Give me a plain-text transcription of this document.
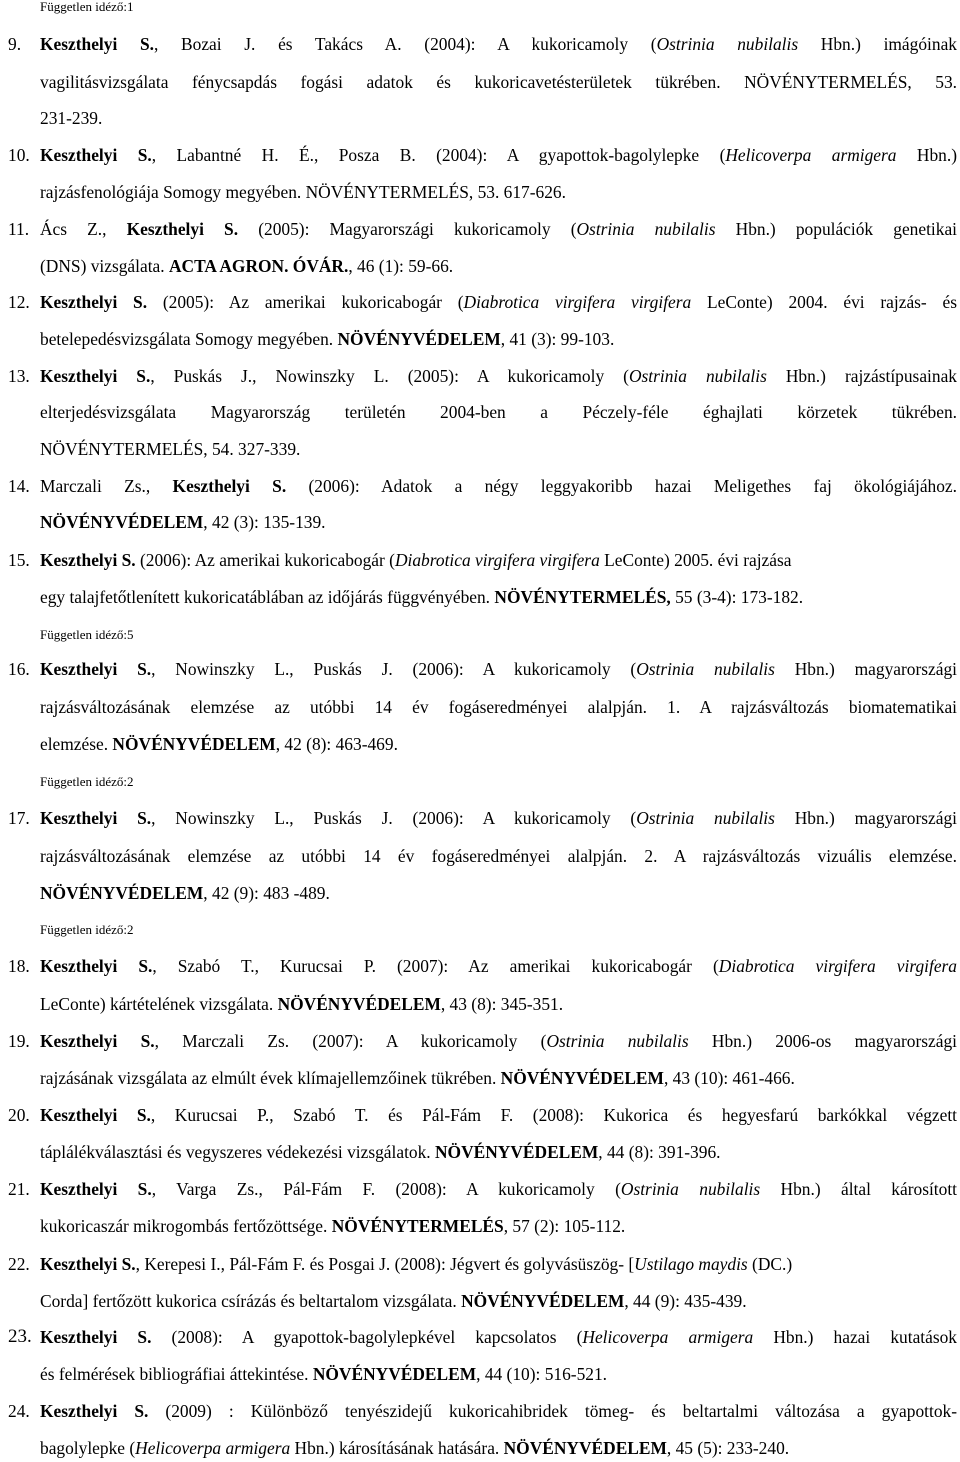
Független idéző:1
Független idéző:5
Független idéző:2
Független idéző:2
9. Keszthelyi S., Bozai J. és Takács A. (2004): A kukoricamoly (Ostrinia nubilalis Hbn.) imágóinak
vagilitásvizsgálata fénycsapdás fogási adatok és kukoricavetésterületek tükrében. NÖVÉNYTERMELÉS, 53.
231-239.
10. Keszthelyi S., Labantné H. É., Posza B. (2004): A gyapottok-bagolylepke (Helicoverpa armigera Hbn.)
rajzásfenológiája Somogy megyében. NÖVÉNYTERMELÉS, 53. 617-626.
11. Ács Z., Keszthelyi S. (2005): Magyarországi kukoricamoly (Ostrinia nubilalis Hbn.) populációk genetikai
(DNS) vizsgálata. ACTA AGRON. ÓVÁR., 46 (1): 59-66.
12. Keszthelyi S. (2005): Az amerikai kukoricabogár (Diabrotica virgifera virgifera LeConte) 2004. évi rajzás- és
betelepedésvizsgálata Somogy megyében. NÖVÉNYVÉDELEM, 41 (3): 99-103.
13. Keszthelyi S., Puskás J., Nowinszky L. (2005): A kukoricamoly (Ostrinia nubilalis Hbn.) rajzástípusainak
elterjedésvizsgálata Magyarország területén 2004-ben a Péczely-féle éghajlati körzetek tükrében.
NÖVÉNYTERMELÉS, 54. 327-339.
14. Marczali Zs., Keszthelyi S. (2006): Adatok a négy leggyakoribb hazai Meligethes faj ökológiájához.
NÖVÉNYVÉDELEM, 42 (3): 135-139.
15. Keszthelyi S. (2006): Az amerikai kukoricabogár (Diabrotica virgifera virgifera LeConte) 2005. évi rajzása
egy talajfetőtlenített kukoricatáblában az időjárás függvényében. NÖVÉNYTERMELÉS, 55 (3-4): 173-182.
16. Keszthelyi S., Nowinszky L., Puskás J. (2006): A kukoricamoly (Ostrinia nubilalis Hbn.) magyarországi
rajzásváltozásának elemzése az utóbbi 14 év fogáseredményei alalpján. 1. A rajzásváltozás biomatematikai
elemzése. NÖVÉNYVÉDELEM, 42 (8): 463-469.
17. Keszthelyi S., Nowinszky L., Puskás J. (2006): A kukoricamoly (Ostrinia nubilalis Hbn.) magyarországi
rajzásváltozásának elemzése az utóbbi 14 év fogáseredményei alalpján. 2. A rajzásváltozás vizuális elemzése.
NÖVÉNYVÉDELEM, 42 (9): 483 -489.
18. Keszthelyi S., Szabó T., Kurucsai P. (2007): Az amerikai kukoricabogár (Diabrotica virgifera virgifera
LeConte) kártételének vizsgálata. NÖVÉNYVÉDELEM, 43 (8): 345-351.
19. Keszthelyi S., Marczali Zs. (2007): A kukoricamoly (Ostrinia nubilalis Hbn.) 2006-os magyarországi
rajzásának vizsgálata az elmúlt évek klímajellemzőinek tükrében. NÖVÉNYVÉDELEM, 43 (10): 461-466.
20. Keszthelyi S., Kurucsai P., Szabó T. és Pál-Fám F. (2008): Kukorica és hegyesfarú barkókkal végzett
táplálékválasztási és vegyszeres védekezési vizsgálatok. NÖVÉNYVÉDELEM, 44 (8): 391-396.
21. Keszthelyi S., Varga Zs., Pál-Fám F. (2008): A kukoricamoly (Ostrinia nubilalis Hbn.) által károsított
kukoricaszár mikrogombás fertőzöttsége. NÖVÉNYTERMELÉS, 57 (2): 105-112.
22. Keszthelyi S., Kerepesi I., Pál-Fám F. és Posgai J. (2008): Jégvert és golyvásüszög- [Ustilago maydis (DC.)
Corda] fertőzött kukorica csírázás és beltartalom vizsgálata. NÖVÉNYVÉDELEM, 44 (9): 435-439.
23. Keszthelyi S. (2008): A gyapottok-bagolylepkével kapcsolatos (Helicoverpa armigera Hbn.) hazai kutatások
és felmérések bibliográfiai áttekintése. NÖVÉNYVÉDELEM, 44 (10): 516-521.
24. Keszthelyi S. (2009) : Különböző tenyészidejű kukoricahibridek tömeg- és beltartalmi változása a gyapottok-
bagolylepke (Helicoverpa armigera Hbn.) károsításának hatására. NÖVÉNYVÉDELEM, 45 (5): 233-240.
